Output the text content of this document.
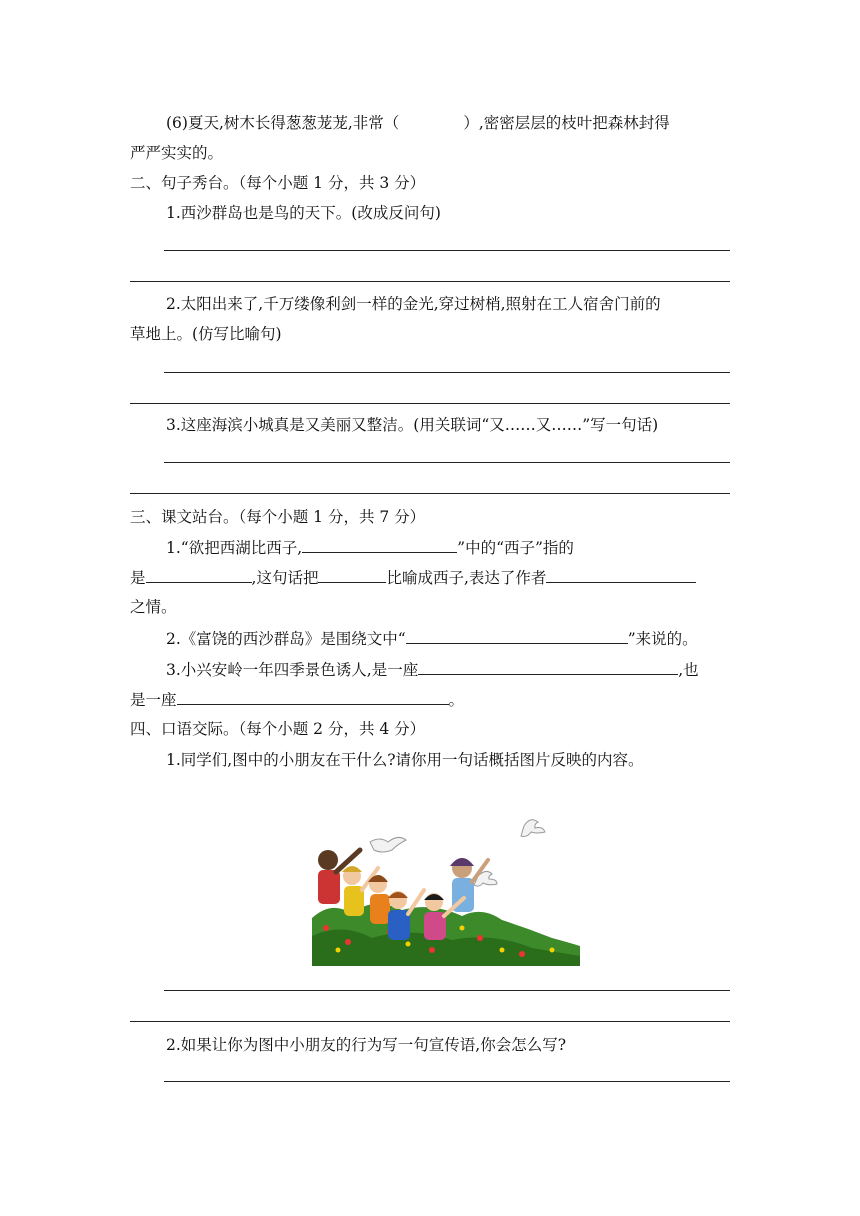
(6)夏天,树木长得葱葱茏茏,非常（	）,密密层层的枝叶把森林封得
严严实实的。
二、句子秀台。（每个小题 1 分，共 3 分）
1.西沙群岛也是鸟的天下。(改成反问句)
2.太阳出来了,千万缕像利剑一样的金光,穿过树梢,照射在工人宿舍门前的
草地上。(仿写比喻句)
3.这座海滨小城真是又美丽又整洁。(用关联词“又……又……”写一句话)
三、课文站台。（每个小题 1 分，共 7 分）
1.“欲把西湖比西子,	”中的“西子”指的
是	,这句话把	比喻成西子,表达了作者
之情。
2.《富饶的西沙群岛》是围绕文中“	”来说的。
3.小兴安岭一年四季景色诱人,是一座	,也
是一座	。
四、口语交际。（每个小题 2 分，共 4 分）
1.同学们,图中的小朋友在干什么?请你用一句话概括图片反映的内容。
2.如果让你为图中小朋友的行为写一句宣传语,你会怎么写?
